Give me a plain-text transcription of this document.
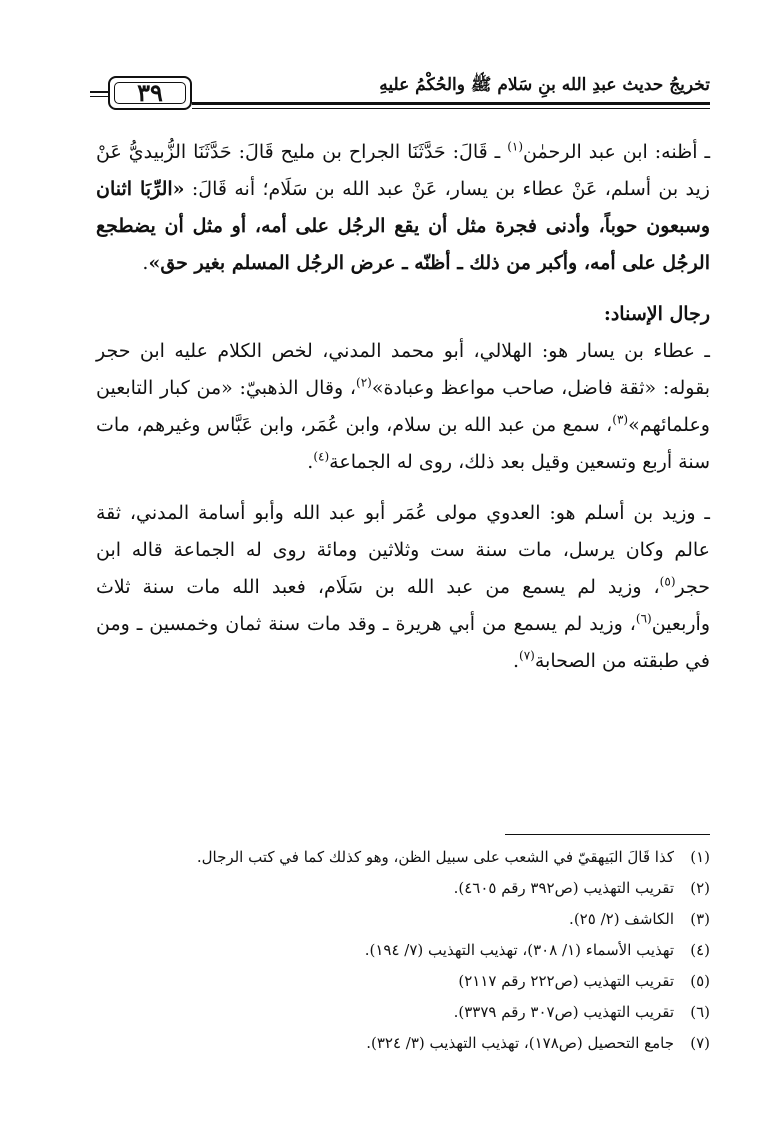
٣٩	تخريجُ حديث عبدِ الله بنِ سَلام ﷺ والحُكْمُ عليهِ

ـ أظنه: ابن عبد الرحمٰن$^{(١)}$ ـ قَالَ: حَدَّثَنَا الجراح بن مليح قَالَ: حَدَّثَنَا الزُّبيديُّ عَنْ زيد بن أسلم، عَنْ عطاء بن يسار، عَنْ عبد الله بن سَلَام؛ أنه قَالَ: «الرِّبَا اثنان وسبعون حوباً، وأدنى فجرة مثل أن يقع الرجُل على أمه، أو مثل أن يضطجع الرجُل على أمه، وأكبر من ذلك ـ أظنّه ـ عرض الرجُل المسلم بغير حق».

رجال الإسناد:

ـ عطاء بن يسار هو: الهلالي، أبو محمد المدني، لخص الكلام عليه ابن حجر بقوله: «ثقة فاضل، صاحب مواعظ وعبادة»$^{(٢)}$، وقال الذهبيّ: «من كبار التابعين وعلمائهم»$^{(٣)}$، سمع من عبد الله بن سلام، وابن عُمَر، وابن عَبَّاس وغيرهم، مات سنة أربع وتسعين وقيل بعد ذلك، روى له الجماعة$^{(٤)}$.

ـ وزيد بن أسلم هو: العدوي مولى عُمَر أبو عبد الله وأبو أسامة المدني، ثقة عالم وكان يرسل، مات سنة ست وثلاثين ومائة روى له الجماعة قاله ابن حجر$^{(٥)}$، وزيد لم يسمع من عبد الله بن سَلَام، فعبد الله مات سنة ثلاث وأربعين$^{(٦)}$، وزيد لم يسمع من أبي هريرة ـ وقد مات سنة ثمان وخمسين ـ ومن في طبقته من الصحابة$^{(٧)}$.

(١)
كذا قَالَ البَيهقيّ في الشعب على سبيل الظن، وهو كذلك كما في كتب الرجال.
(٢)
تقريب التهذيب (ص٣٩٢ رقم ٤٦٠٥).
(٣)
الكاشف (٢/ ٢٥).
(٤)
تهذيب الأسماء (١/ ٣٠٨)، تهذيب التهذيب (٧/ ١٩٤).
(٥)
تقريب التهذيب (ص٢٢٢ رقم ٢١١٧)
(٦)
تقريب التهذيب (ص٣٠٧ رقم ٣٣٧٩).
(٧)
جامع التحصيل (ص١٧٨)، تهذيب التهذيب (٣/ ٣٢٤).
